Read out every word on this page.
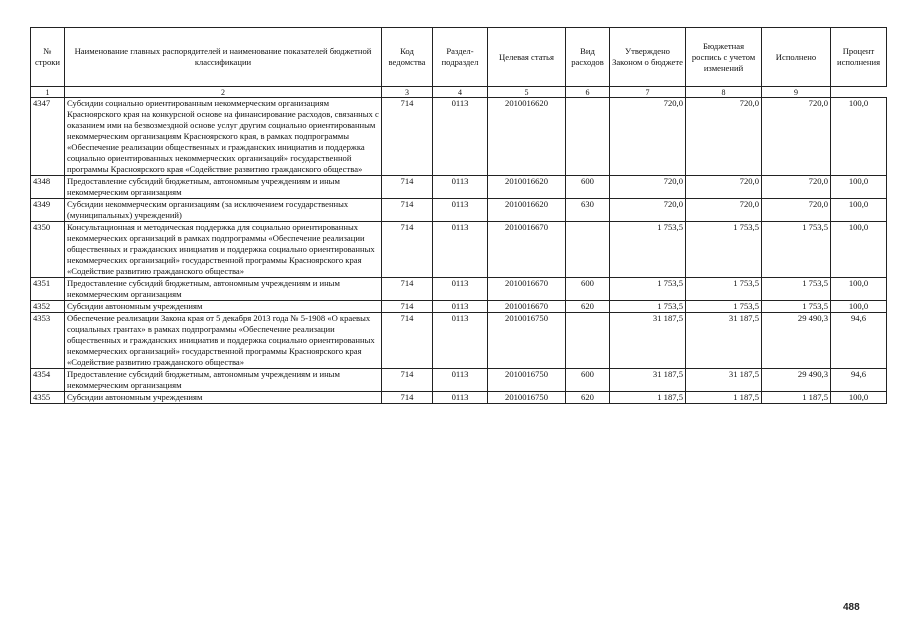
№ строки	Наименование главных распорядителей и наименование показателей бюджетной классификации	Код ведомства	Раздел-подраздел	Целевая статья	Вид расходов	Утверждено Законом о бюджете	Бюджетная роспись с учетом изменений	Исполнено	Процент исполнения
1	2	3	4	5	6	7	8	9	
4347	Субсидии социально ориентированным некоммерческим организациям Красноярского края на конкурсной основе на финансирование расходов, связанных с оказанием ими на безвозмездной основе услуг другим социально ориентированным некоммерческим организациям Красноярского края, в рамках подпрограммы «Обеспечение реализации общественных и гражданских инициатив и поддержка социально ориентированных некоммерческих организаций» государственной программы Красноярского края «Содействие развитию гражданского общества»	714	0113	2010016620		720,0	720,0	720,0	100,0
4348	Предоставление субсидий бюджетным, автономным учреждениям и иным некоммерческим организациям	714	0113	2010016620	600	720,0	720,0	720,0	100,0
4349	Субсидии некоммерческим организациям (за исключением государственных (муниципальных) учреждений)	714	0113	2010016620	630	720,0	720,0	720,0	100,0
4350	Консультационная и методическая поддержка для социально ориентированных некоммерческих организаций в рамках подпрограммы «Обеспечение реализации общественных и гражданских инициатив и поддержка социально ориентированных некоммерческих организаций» государственной программы Красноярского края «Содействие развитию гражданского общества»	714	0113	2010016670		1 753,5	1 753,5	1 753,5	100,0
4351	Предоставление субсидий бюджетным, автономным учреждениям и иным некоммерческим организациям	714	0113	2010016670	600	1 753,5	1 753,5	1 753,5	100,0
4352	Субсидии автономным учреждениям	714	0113	2010016670	620	1 753,5	1 753,5	1 753,5	100,0
4353	Обеспечение реализации Закона края от 5 декабря 2013 года № 5-1908 «О краевых социальных грантах» в рамках подпрограммы «Обеспечение реализации общественных и гражданских инициатив и поддержка социально ориентированных некоммерческих организаций» государственной программы Красноярского края «Содействие развитию гражданского общества»	714	0113	2010016750		31 187,5	31 187,5	29 490,3	94,6
4354	Предоставление субсидий бюджетным, автономным учреждениям и иным некоммерческим организациям	714	0113	2010016750	600	31 187,5	31 187,5	29 490,3	94,6
4355	Субсидии автономным учреждениям	714	0113	2010016750	620	1 187,5	1 187,5	1 187,5	100,0
488
